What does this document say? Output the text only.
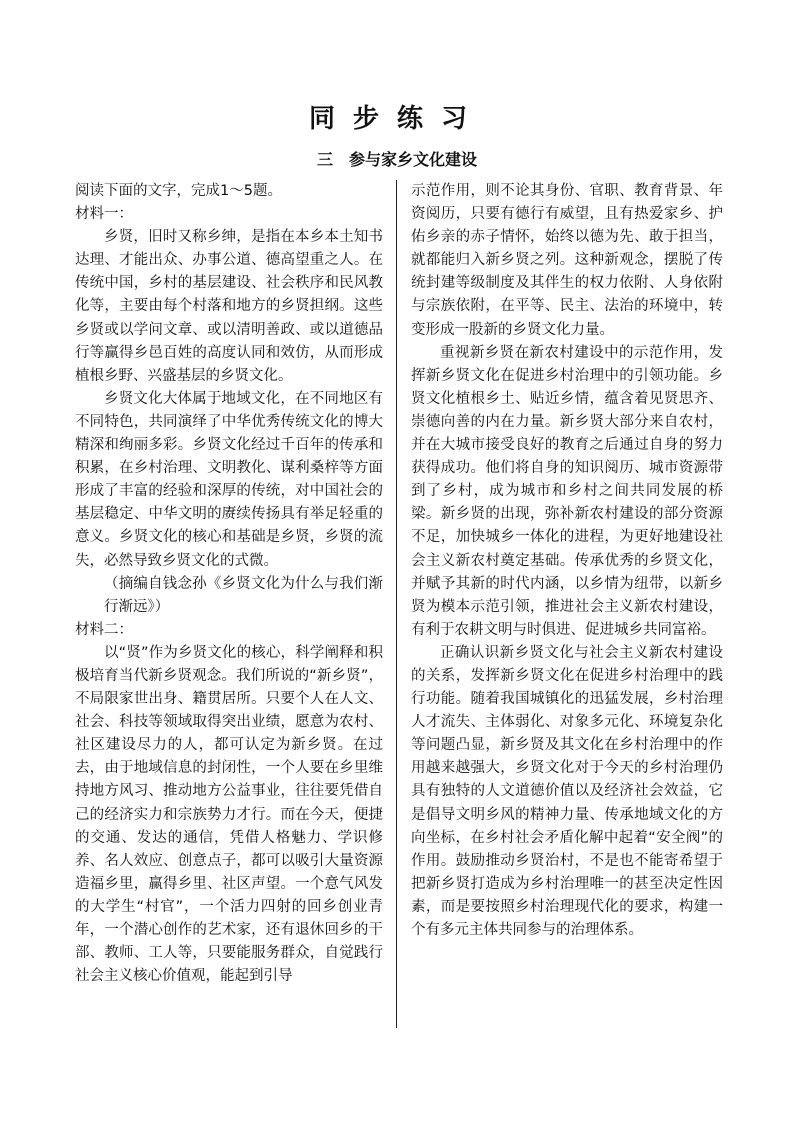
同步练习
三　参与家乡文化建设

阅读下面的文字，完成1～5题。

材料一：

乡贤，旧时又称乡绅，是指在本乡本土知书达理、才能出众、办事公道、德高望重之人。在传统中国，乡村的基层建设、社会秩序和民风教化等，主要由每个村落和地方的乡贤担纲。这些乡贤或以学问文章、或以清明善政、或以道德品行等赢得乡邑百姓的高度认同和效仿，从而形成植根乡野、兴盛基层的乡贤文化。

乡贤文化大体属于地域文化，在不同地区有不同特色，共同演绎了中华优秀传统文化的博大精深和绚丽多彩。乡贤文化经过千百年的传承和积累，在乡村治理、文明教化、谋利桑梓等方面形成了丰富的经验和深厚的传统，对中国社会的基层稳定、中华文明的赓续传扬具有举足轻重的意义。乡贤文化的核心和基础是乡贤，乡贤的流失，必然导致乡贤文化的式微。

（摘编自钱念孙《乡贤文化为什么与我们渐行渐远》）

材料二：

以“贤”作为乡贤文化的核心，科学阐释和积极培育当代新乡贤观念。我们所说的“新乡贤”，不局限家世出身、籍贯居所。只要个人在人文、社会、科技等领域取得突出业绩，愿意为农村、社区建设尽力的人，都可认定为新乡贤。在过去，由于地域信息的封闭性，一个人要在乡里维持地方风习、推动地方公益事业，往往要凭借自己的经济实力和宗族势力才行。而在今天，便捷的交通、发达的通信，凭借人格魅力、学识修养、名人效应、创意点子，都可以吸引大量资源造福乡里，赢得乡里、社区声望。一个意气风发的大学生“村官”，一个活力四射的回乡创业青年，一个潜心创作的艺术家，还有退休回乡的干部、教师、工人等，只要能服务群众，自觉践行社会主义核心价值观，能起到引导

示范作用，则不论其身份、官职、教育背景、年资阅历，只要有德行有威望，且有热爱家乡、护佑乡亲的赤子情怀，始终以德为先、敢于担当，就都能归入新乡贤之列。这种新观念，摆脱了传统封建等级制度及其伴生的权力依附、人身依附与宗族依附，在平等、民主、法治的环境中，转变形成一股新的乡贤文化力量。

重视新乡贤在新农村建设中的示范作用，发挥新乡贤文化在促进乡村治理中的引领功能。乡贤文化植根乡土、贴近乡情，蕴含着见贤思齐、崇德向善的内在力量。新乡贤大部分来自农村，并在大城市接受良好的教育之后通过自身的努力获得成功。他们将自身的知识阅历、城市资源带到了乡村，成为城市和乡村之间共同发展的桥梁。新乡贤的出现，弥补新农村建设的部分资源不足，加快城乡一体化的进程，为更好地建设社会主义新农村奠定基础。传承优秀的乡贤文化，并赋予其新的时代内涵，以乡情为纽带，以新乡贤为模本示范引领，推进社会主义新农村建设，有利于农耕文明与时俱进、促进城乡共同富裕。

正确认识新乡贤文化与社会主义新农村建设的关系，发挥新乡贤文化在促进乡村治理中的践行功能。随着我国城镇化的迅猛发展，乡村治理人才流失、主体弱化、对象多元化、环境复杂化等问题凸显，新乡贤及其文化在乡村治理中的作用越来越强大，乡贤文化对于今天的乡村治理仍具有独特的人文道德价值以及经济社会效益，它是倡导文明乡风的精神力量、传承地域文化的方向坐标，在乡村社会矛盾化解中起着“安全阀”的作用。鼓励推动乡贤治村，不是也不能寄希望于把新乡贤打造成为乡村治理唯一的甚至决定性因素，而是要按照乡村治理现代化的要求，构建一个有多元主体共同参与的治理体系。
